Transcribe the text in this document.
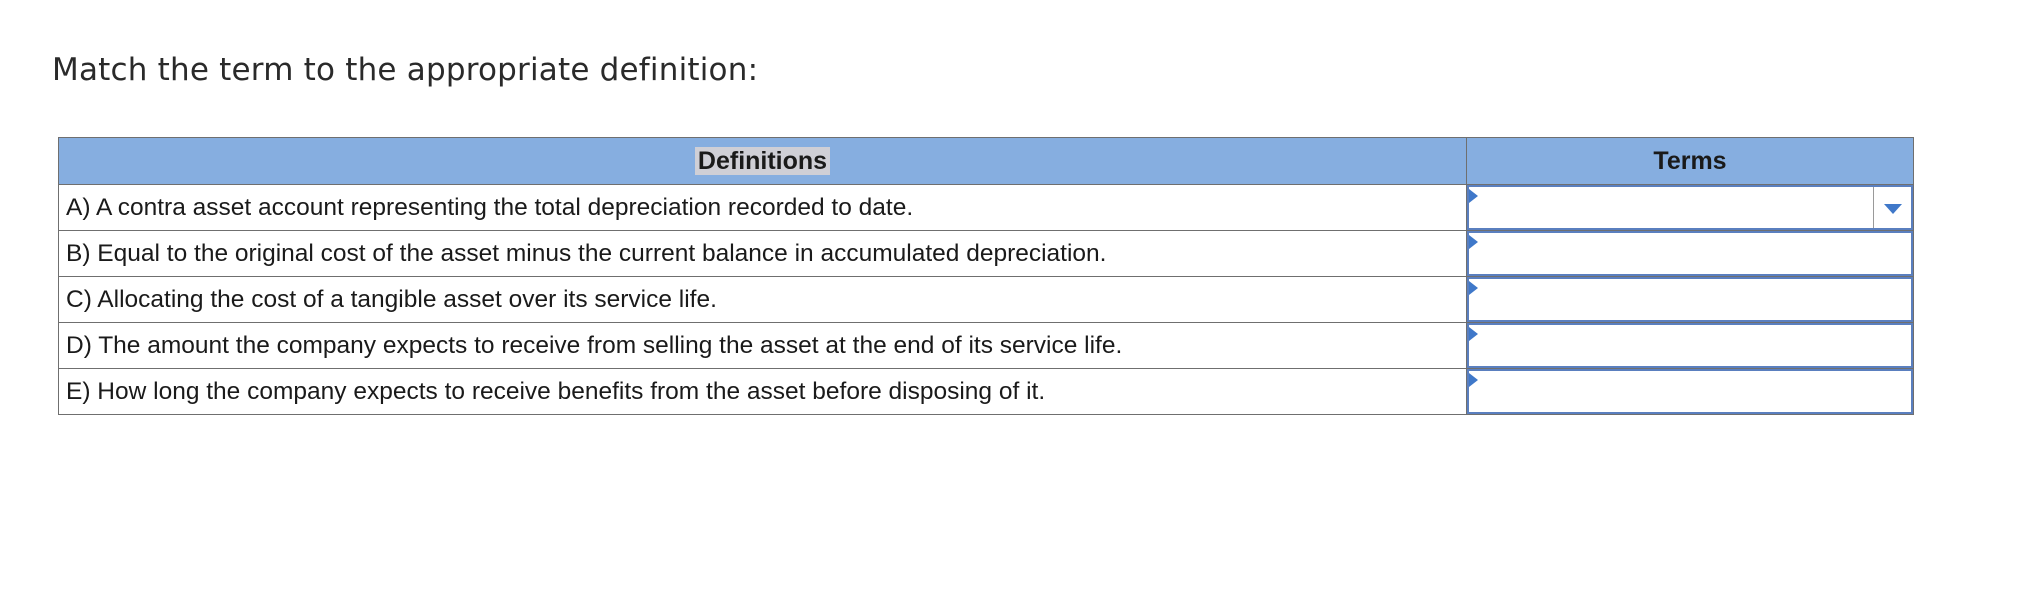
Match the term to the appropriate definition:
Definitions	Terms
A) A contra asset account representing the total depreciation recorded to date.	

B) Equal to the original cost of the asset minus the current balance in accumulated depreciation.	

C) Allocating the cost of a tangible asset over its service life.	

D) The amount the company expects to receive from selling the asset at the end of its service life.	

E) How long the company expects to receive benefits from the asset before disposing of it.	
